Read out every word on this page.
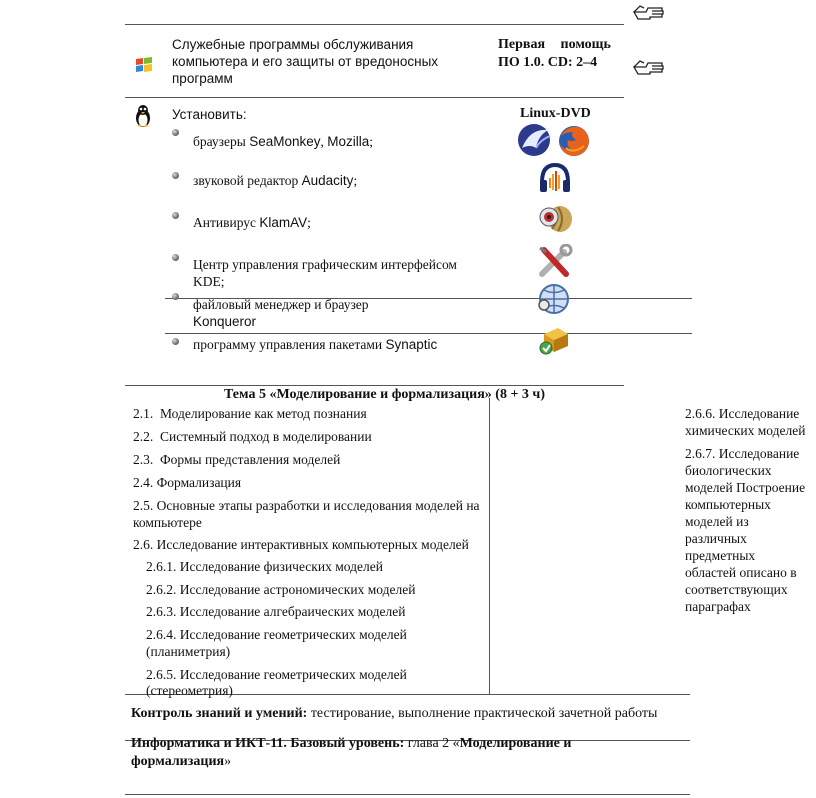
Служебные программы обслуживания
компьютера и его защиты от вредоносных
программ
Первая помощь
ПО 1.0. CD: 2–4
Установить:	Linux-DVD
браузеры SeaMonkey, Mozilla;
звуковой редактор Audacity;
Антивирус KlamAV;
Центр управления графическим интерфейсом
KDE;
файловый менеджер и браузер
Konqueror
программу управления пакетами Synaptic
Тема 5 «Моделирование и формализация» (8 + 3 ч)
2.1.  Моделирование как метод познания
2.2.  Системный подход в моделировании
2.3.  Формы представления моделей
2.4. Формализация
2.5. Основные этапы разработки и исследования моделей на
компьютере
2.6. Исследование интерактивных компьютерных моделей
2.6.1. Исследование физических моделей
2.6.2. Исследование астрономических моделей
2.6.3. Исследование алгебраических моделей
2.6.4. Исследование геометрических моделей
(планиметрия)
2.6.5. Исследование геометрических моделей
(стереометрия)
2.6.6. Исследование
химических моделей
2.6.7. Исследование
биологических
моделей Построение
компьютерных
моделей из
различных
предметных
областей описано в
соответствующих
параграфах
Контроль знаний и умений: тестирование, выполнение практической зачетной работы
Информатика и ИКТ-11. Базовый уровень: глава 2 «Моделирование и
формализация»
